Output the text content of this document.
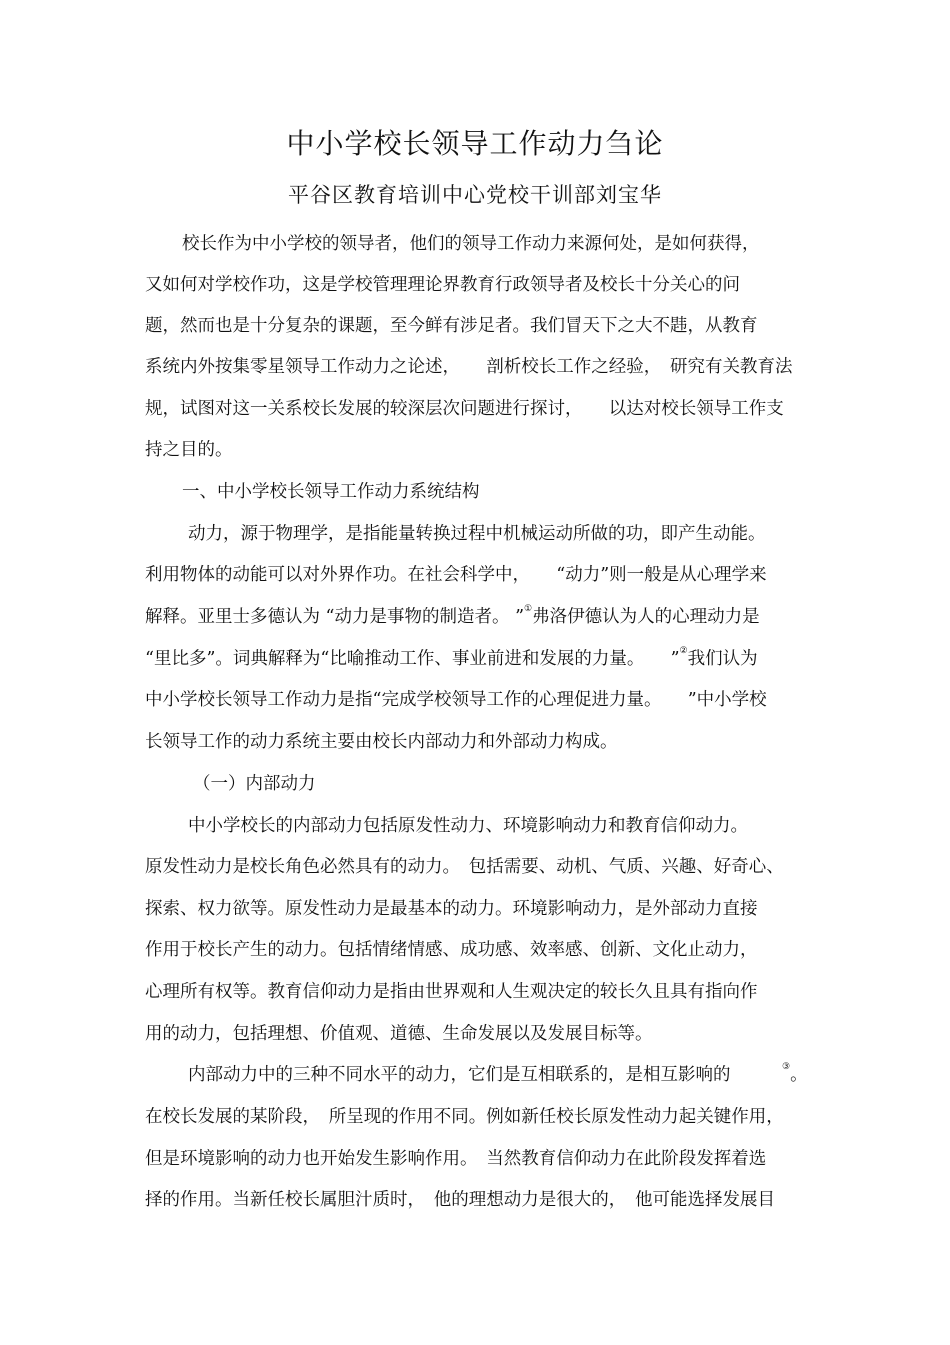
中小学校长领导工作动力刍论
平谷区教育培训中心党校干训部刘宝华
校长作为中小学校的领导者，他们的领导工作动力来源何处，是如何获得，
又如何对学校作功，这是学校管理理论界教育行政领导者及校长十分关心的问
题，然而也是十分复杂的课题，至今鲜有涉足者。我们冒天下之大不韪，从教育
系统内外按集零星领导工作动力之论述，　　剖析校长工作之经验，　研究有关教育法
规，试图对这一关系校长发展的较深层次问题进行探讨，　　以达对校长领导工作支
持之目的。
一、中小学校长领导工作动力系统结构
动力，源于物理学，是指能量转换过程中机械运动所做的功，即产生动能。
利用物体的动能可以对外界作功。在社会科学中，　　“动力”则一般是从心理学来
解释。亚里士多德认为 “动力是事物的制造者。 ”①弗洛伊德认为人的心理动力是
“里比多”。词典解释为“比喻推动工作、事业前进和发展的力量。　　”②我们认为
中小学校长领导工作动力是指“完成学校领导工作的心理促进力量。　　”中小学校
长领导工作的动力系统主要由校长内部动力和外部动力构成。
（一）内部动力
中小学校长的内部动力包括原发性动力、环境影响动力和教育信仰动力。
原发性动力是校长角色必然具有的动力。　包括需要、动机、气质、兴趣、好奇心、
探索、权力欲等。原发性动力是最基本的动力。环境影响动力，是外部动力直接
作用于校长产生的动力。包括情绪情感、成功感、效率感、创新、文化止动力，
心理所有权等。教育信仰动力是指由世界观和人生观决定的较长久且具有指向作
用的动力，包括理想、价值观、道德、生命发展以及发展目标等。
内部动力中的三种不同水平的动力，它们是互相联系的，是相互影响的	③。
在校长发展的某阶段，　所呈现的作用不同。例如新任校长原发性动力起关键作用，
但是环境影响的动力也开始发生影响作用。　当然教育信仰动力在此阶段发挥着选
择的作用。当新任校长属胆汁质时，　他的理想动力是很大的，　他可能选择发展目
